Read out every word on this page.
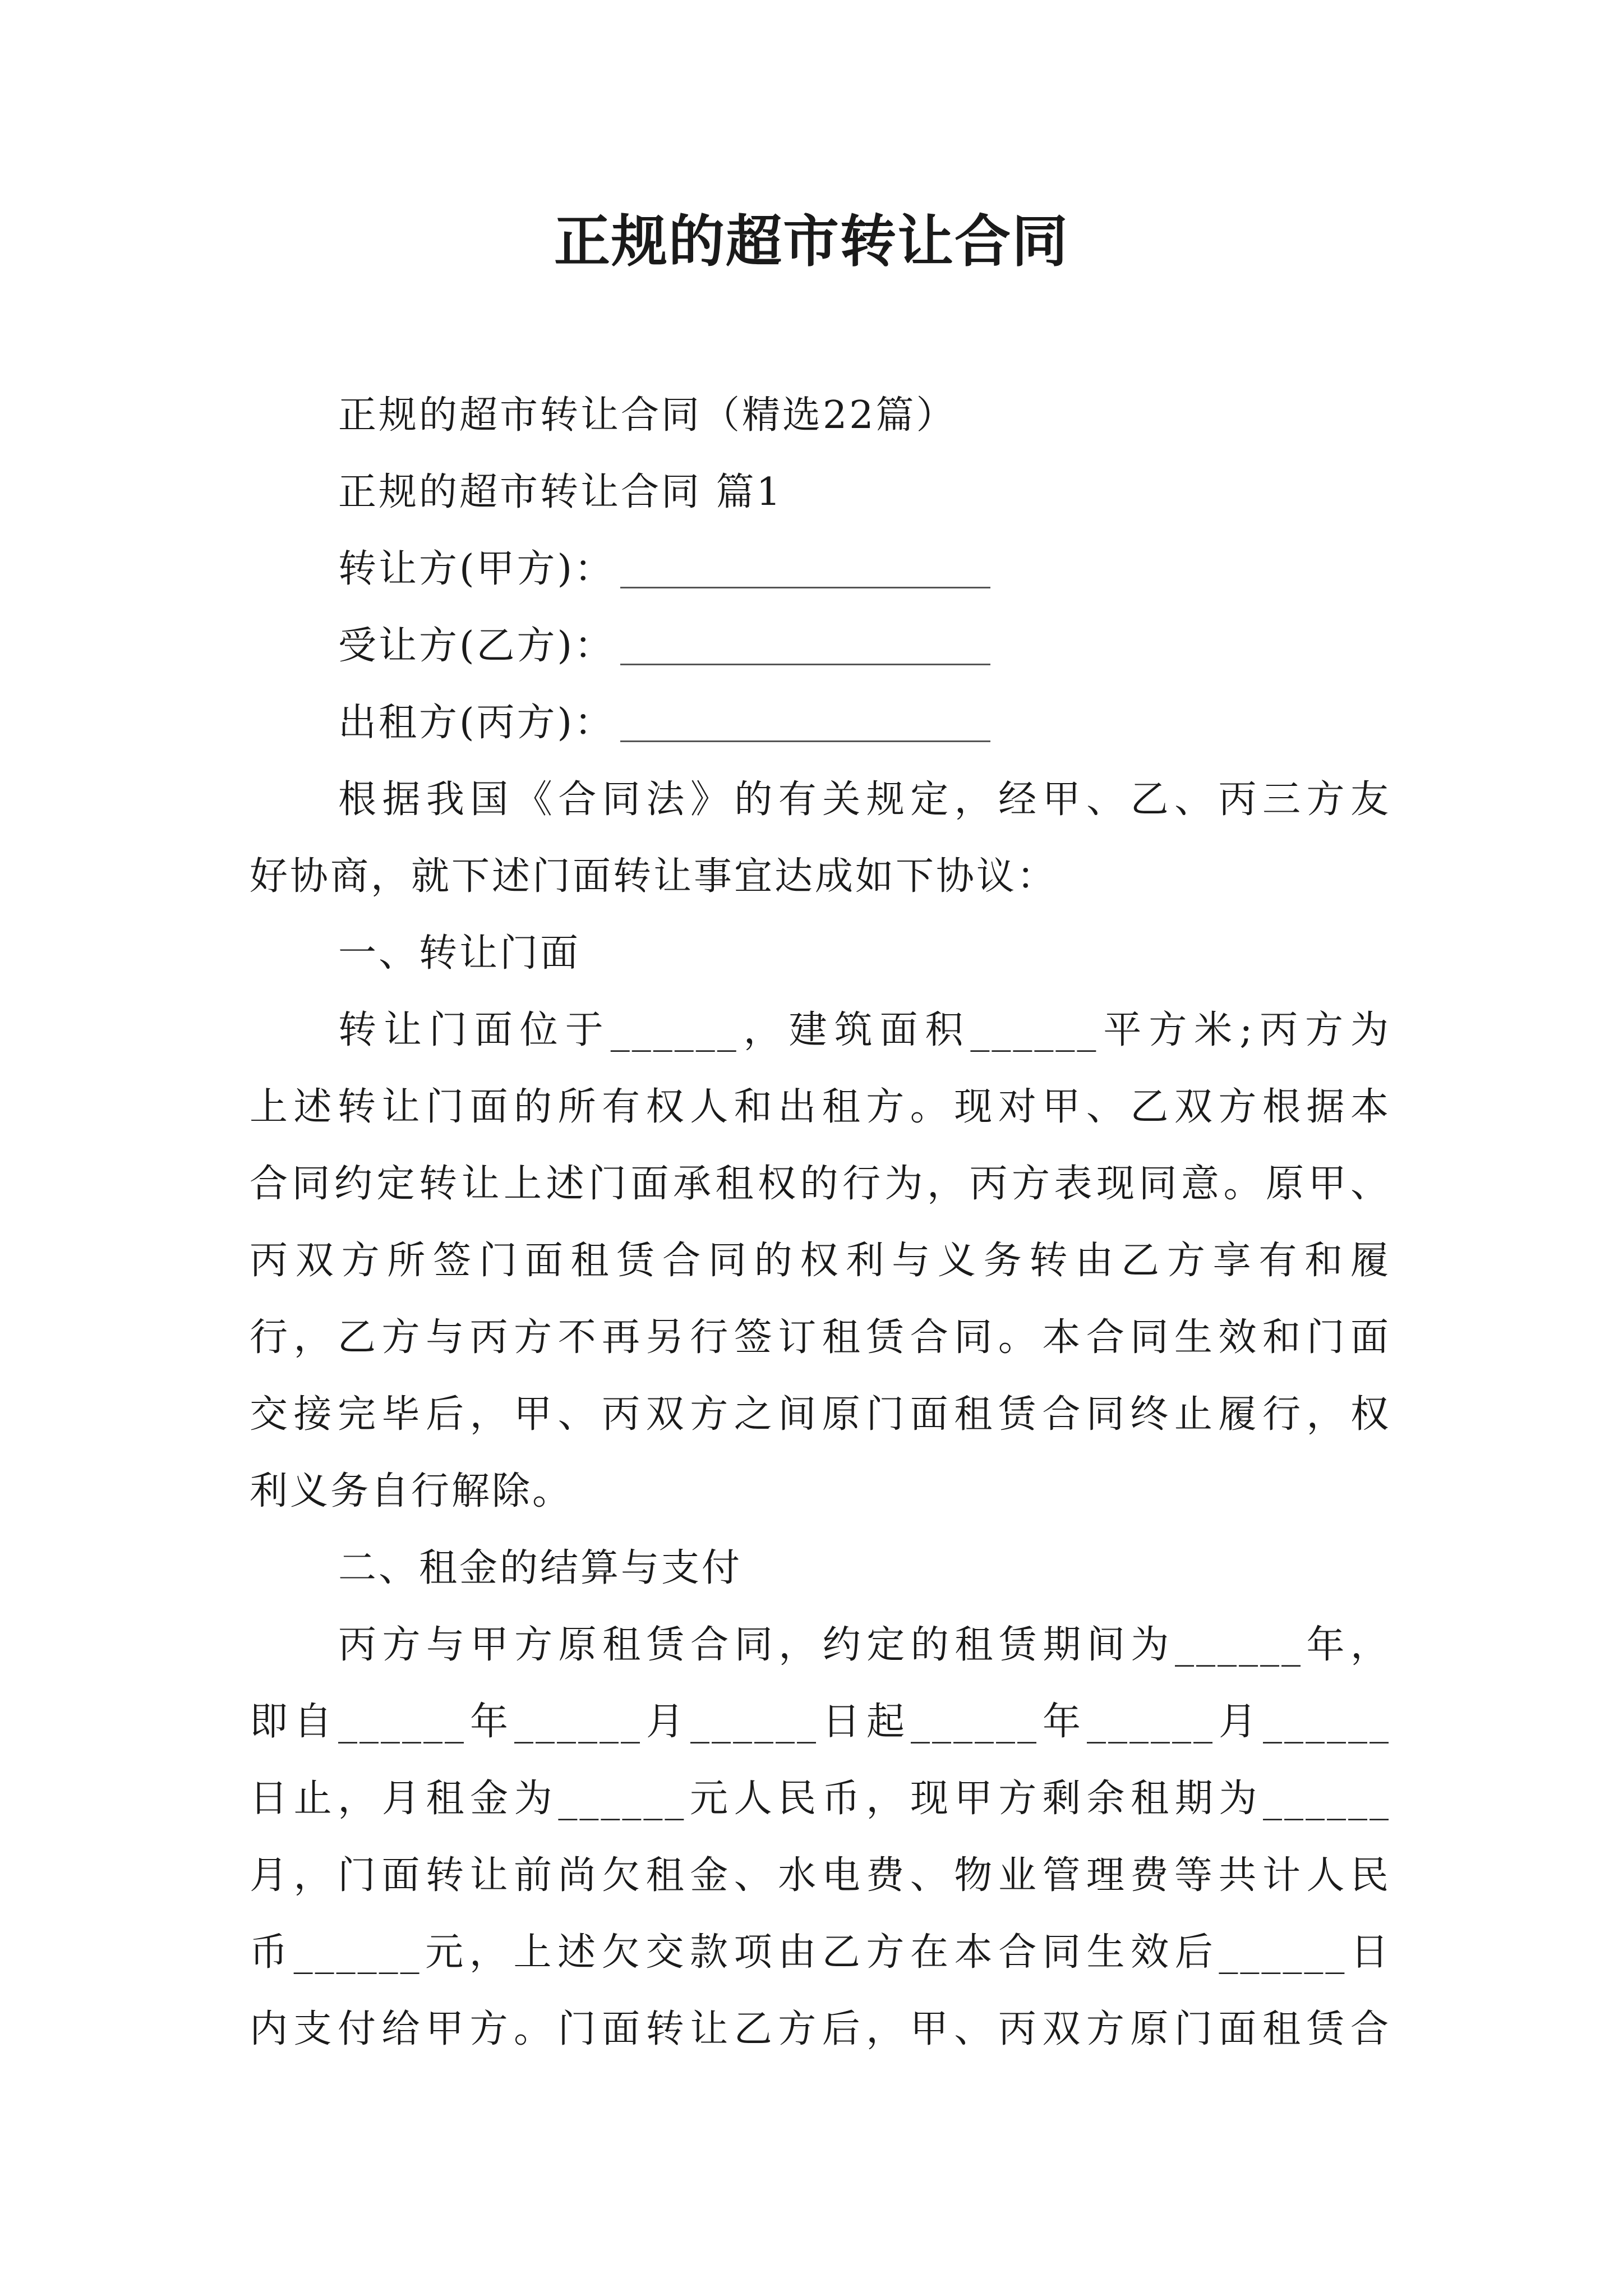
正规的超市转让合同

正规的超市转让合同（精选22篇）

正规的超市转让合同 篇1

转让方(甲方)：

受让方(乙方)：

出租方(丙方)：

根据我国《合同法》的有关规定，经甲、乙、丙三方友

好协商，就下述门面转让事宜达成如下协议：

一、转让门面

转让门面位于______，建筑面积______平方米;丙方为

上述转让门面的所有权人和出租方。现对甲、乙双方根据本

合同约定转让上述门面承租权的行为，丙方表现同意。原甲、

丙双方所签门面租赁合同的权利与义务转由乙方享有和履

行，乙方与丙方不再另行签订租赁合同。本合同生效和门面

交接完毕后，甲、丙双方之间原门面租赁合同终止履行，权

利义务自行解除。

二、租金的结算与支付

丙方与甲方原租赁合同，约定的租赁期间为______年，

即自______年______月______日起______年______月______

日止，月租金为______元人民币，现甲方剩余租期为______

月，门面转让前尚欠租金、水电费、物业管理费等共计人民

币______元，上述欠交款项由乙方在本合同生效后______日

内支付给甲方。门面转让乙方后，甲、丙双方原门面租赁合
